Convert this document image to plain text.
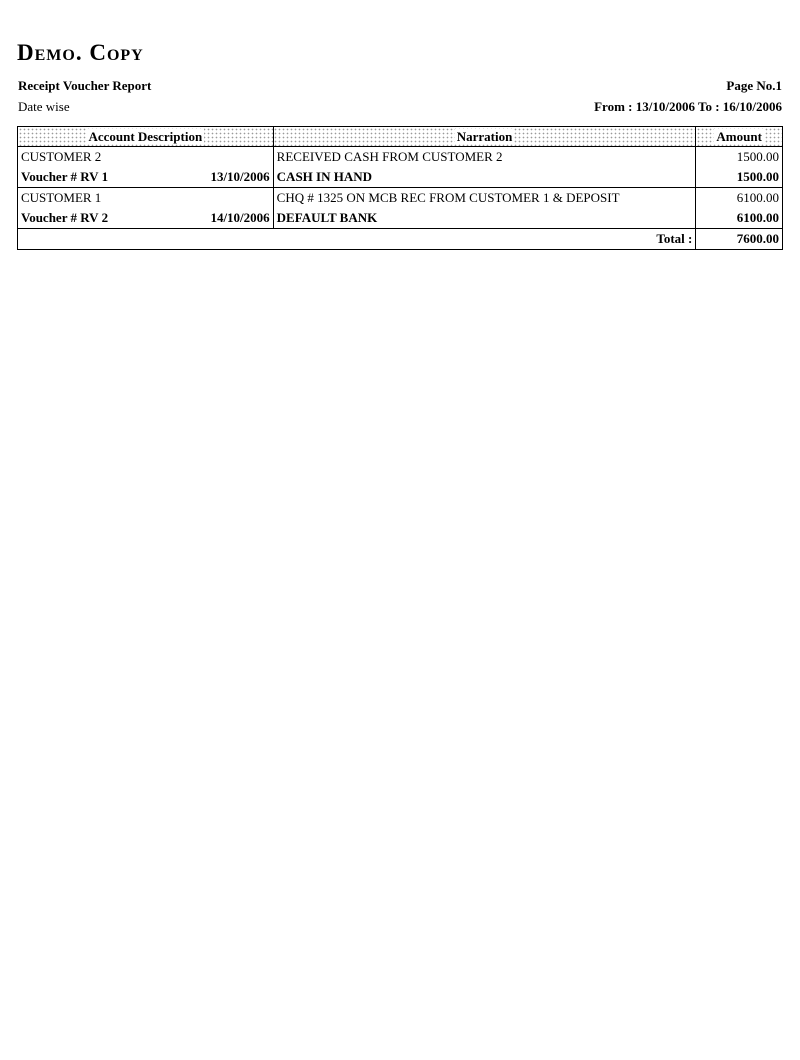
Demo. Copy
Receipt Voucher Report
Date wise
Page No.1
From : 13/10/2006 To : 16/10/2006
Account Description		Narration	Amount
CUSTOMER 2		RECEIVED CASH FROM CUSTOMER 2	1500.00
Voucher # RV 1	13/10/2006	CASH IN HAND	1500.00
CUSTOMER 1		CHQ # 1325 ON MCB REC FROM CUSTOMER 1 & DEPOSIT	6100.00
Voucher # RV 2	14/10/2006	DEFAULT BANK	6100.00
Total :			7600.00
